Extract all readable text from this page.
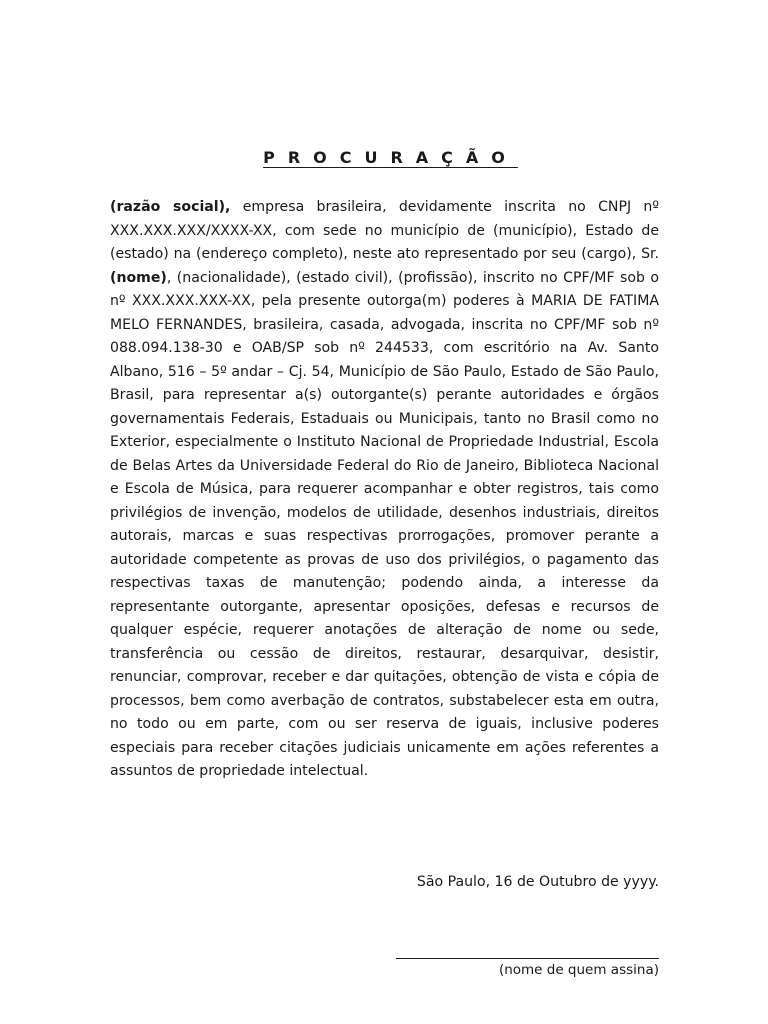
PROCURAÇÃO

(razão social), empresa brasileira, devidamente inscrita no CNPJ nº XXX.XXX.XXX/XXXX-XX, com sede no município de (município), Estado de (estado) na (endereço completo), neste ato representado por seu (cargo), Sr. (nome), (nacionalidade), (estado civil), (profissão), inscrito no CPF/MF sob o nº XXX.XXX.XXX-XX, pela presente outorga(m) poderes à MARIA DE FATIMA MELO FERNANDES, brasileira, casada, advogada, inscrita no CPF/MF sob nº 088.094.138-30 e OAB/SP sob nº 244533, com escritório na Av. Santo Albano, 516 – 5º andar – Cj. 54, Município de São Paulo, Estado de São Paulo, Brasil, para representar a(s) outorgante(s) perante autoridades e órgãos governamentais Federais, Estaduais ou Municipais, tanto no Brasil como no Exterior, especialmente o Instituto Nacional de Propriedade Industrial, Escola de Belas Artes da Universidade Federal do Rio de Janeiro, Biblioteca Nacional e Escola de Música, para requerer acompanhar e obter registros, tais como privilégios de invenção, modelos de utilidade, desenhos industriais, direitos autorais, marcas e suas respectivas prorrogações, promover perante a autoridade competente as provas de uso dos privilégios, o pagamento das respectivas taxas de manutenção; podendo ainda, a interesse da representante outorgante, apresentar oposições, defesas e recursos de qualquer espécie, requerer anotações de alteração de nome ou sede, transferência ou cessão de direitos, restaurar, desarquivar, desistir, renunciar, comprovar, receber e dar quitações, obtenção de vista e cópia de processos, bem como averbação de contratos, substabelecer esta em outra, no todo ou em parte, com ou ser reserva de iguais, inclusive poderes especiais para receber citações judiciais unicamente em ações referentes a assuntos de propriedade intelectual.

São Paulo, 16 de Outubro de yyyy.
(nome de quem assina)
